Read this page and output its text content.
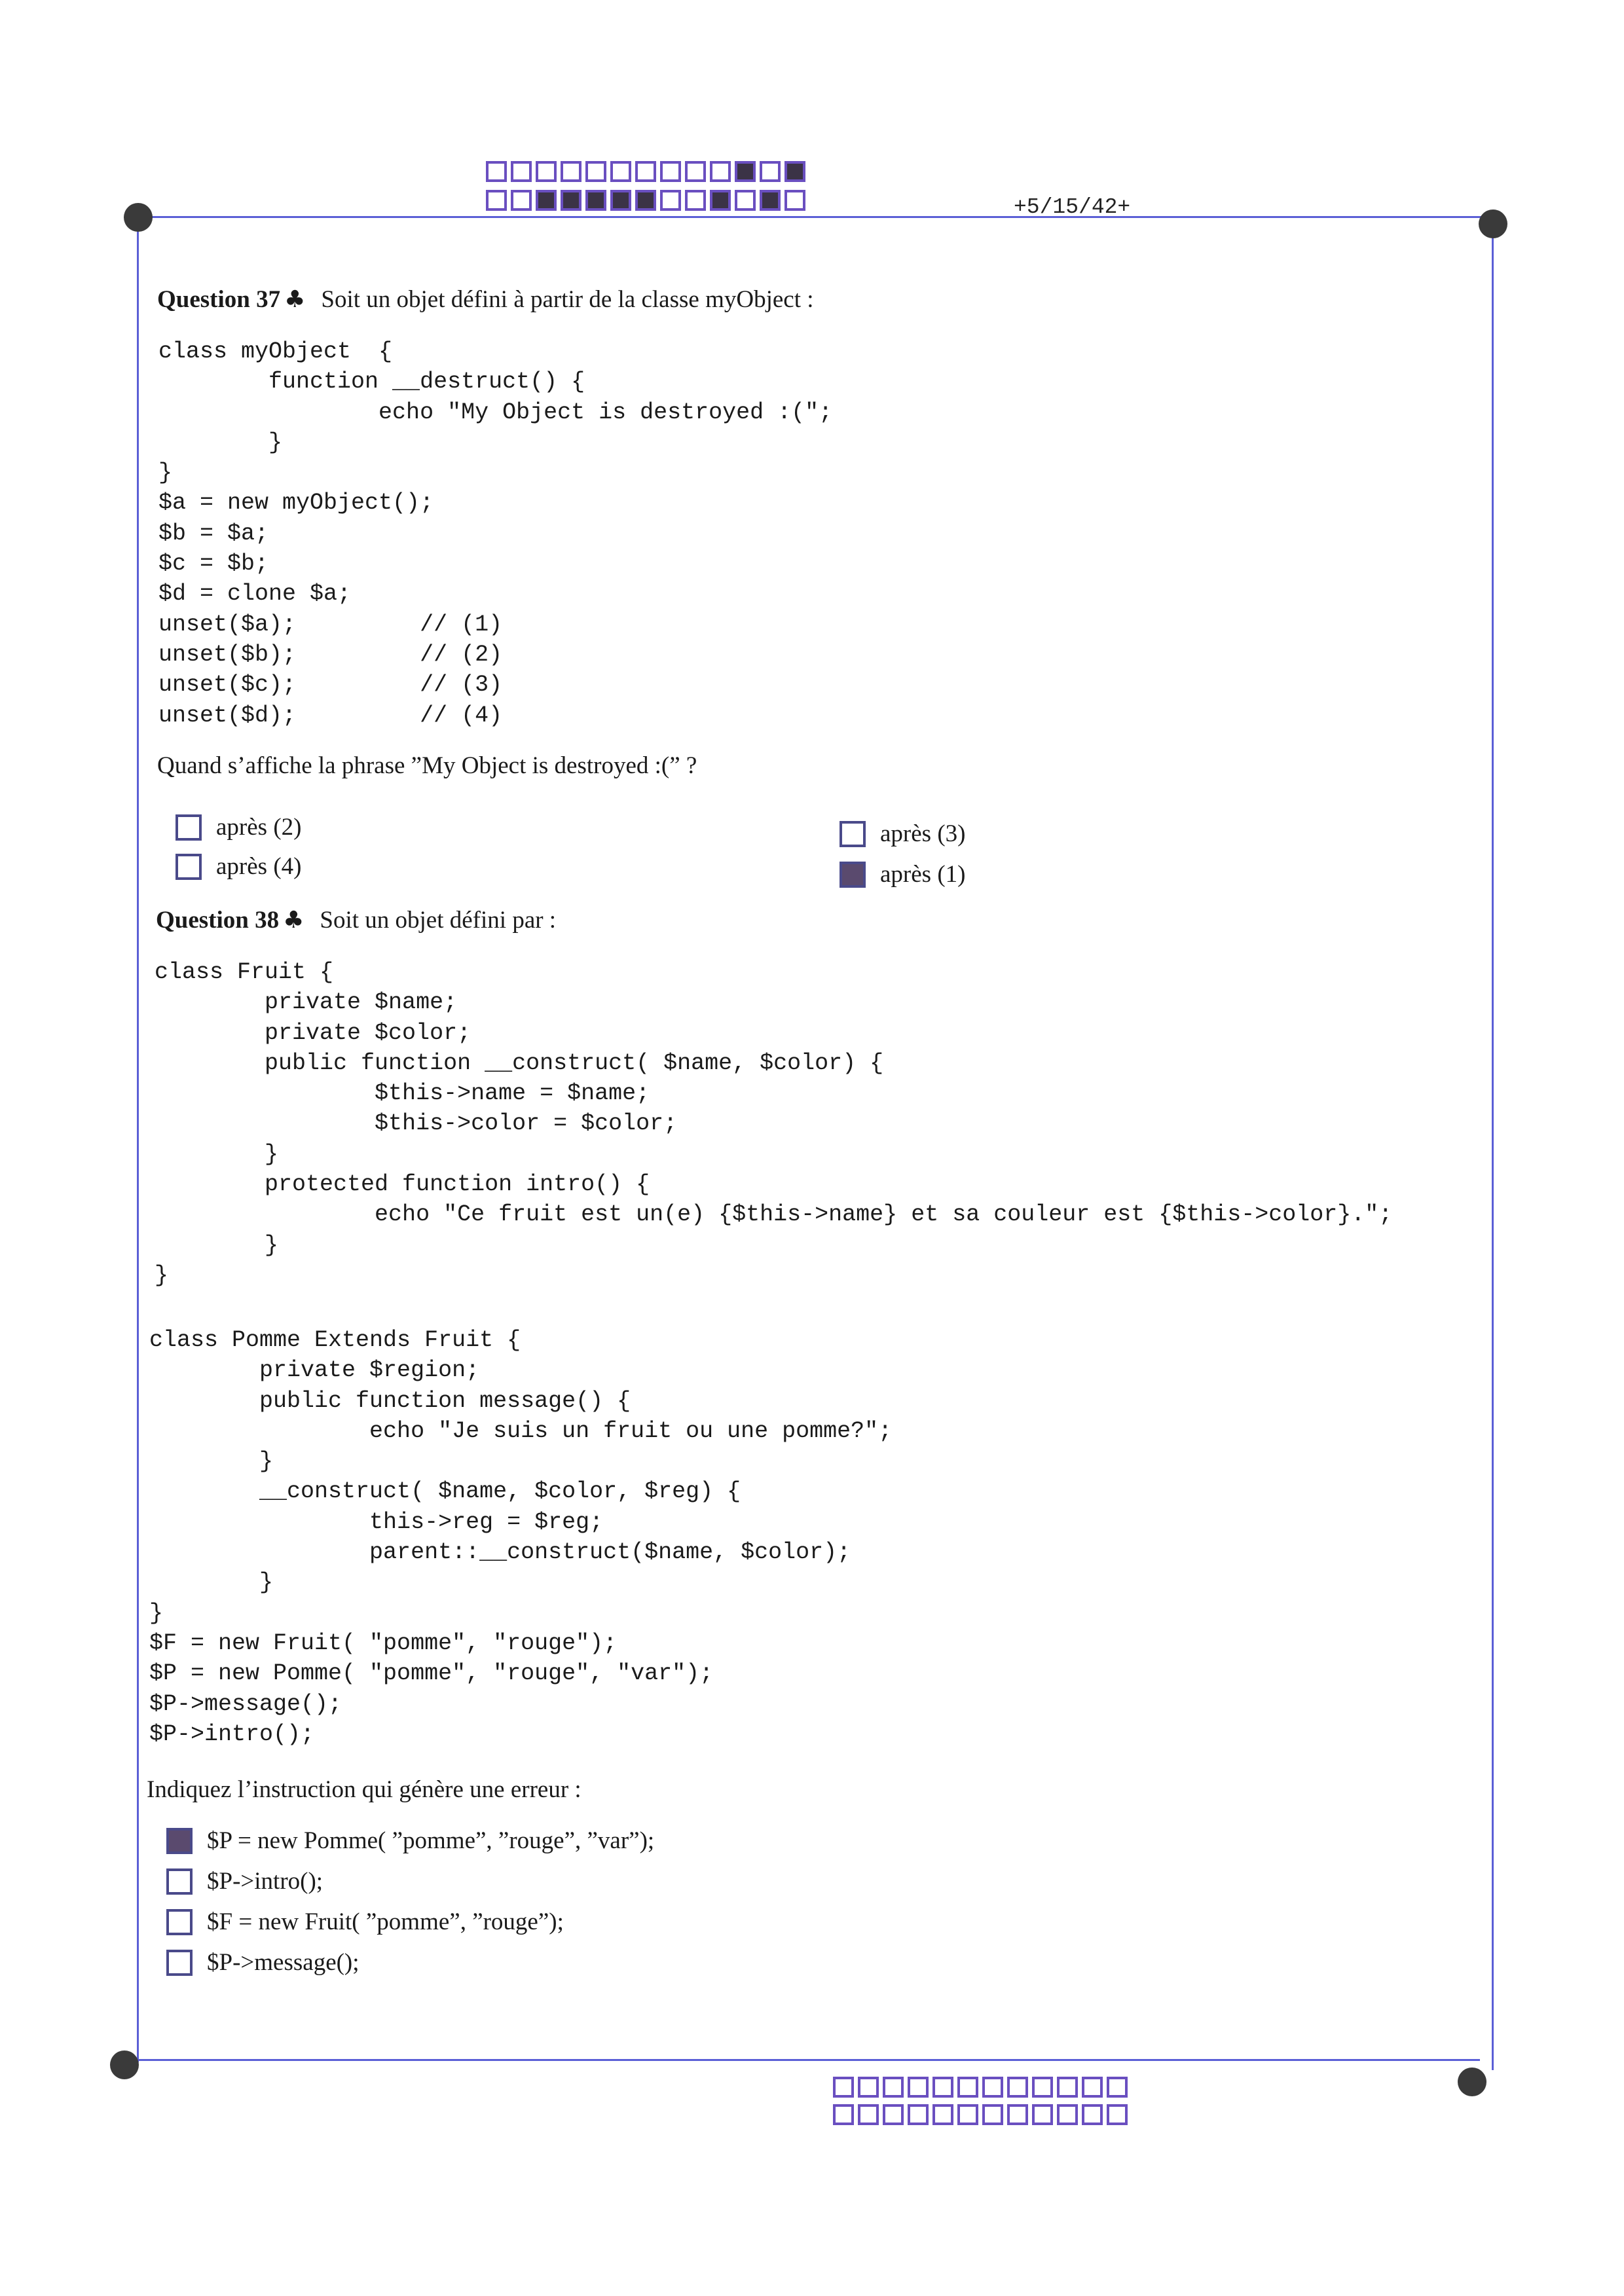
+5/15/42+
Question 37 ♣ Soit un objet défini à partir de la classe myObject :
class myObject  {
function __destruct() {
echo "My Object is destroyed :(";
}
}
$a = new myObject();
$b = $a;
$c = $b;
$d = clone $a;
unset($a);         // (1)
unset($b);         // (2)
unset($c);         // (3)
unset($d);         // (4)
Quand s’affiche la phrase ”My Object is destroyed :(” ?
après (2)
après (4)
après (3)
après (1)
Question 38 ♣ Soit un objet défini par :
class Fruit {
private $name;
private $color;
public function __construct( $name, $color) {
$this->name = $name;
$this->color = $color;
}
protected function intro() {
echo "Ce fruit est un(e) {$this->name} et sa couleur est {$this->color}.";
}
}
class Pomme Extends Fruit {
private $region;
public function message() {
echo "Je suis un fruit ou une pomme?";
}
__construct( $name, $color, $reg) {
this->reg = $reg;
parent::__construct($name, $color);
}
}
$F = new Fruit( "pomme", "rouge");
$P = new Pomme( "pomme", "rouge", "var");
$P->message();
$P->intro();
Indiquez l’instruction qui génère une erreur :
$P = new Pomme( ”pomme”, ”rouge”, ”var”);
$P->intro();
$F = new Fruit( ”pomme”, ”rouge”);
$P->message();
